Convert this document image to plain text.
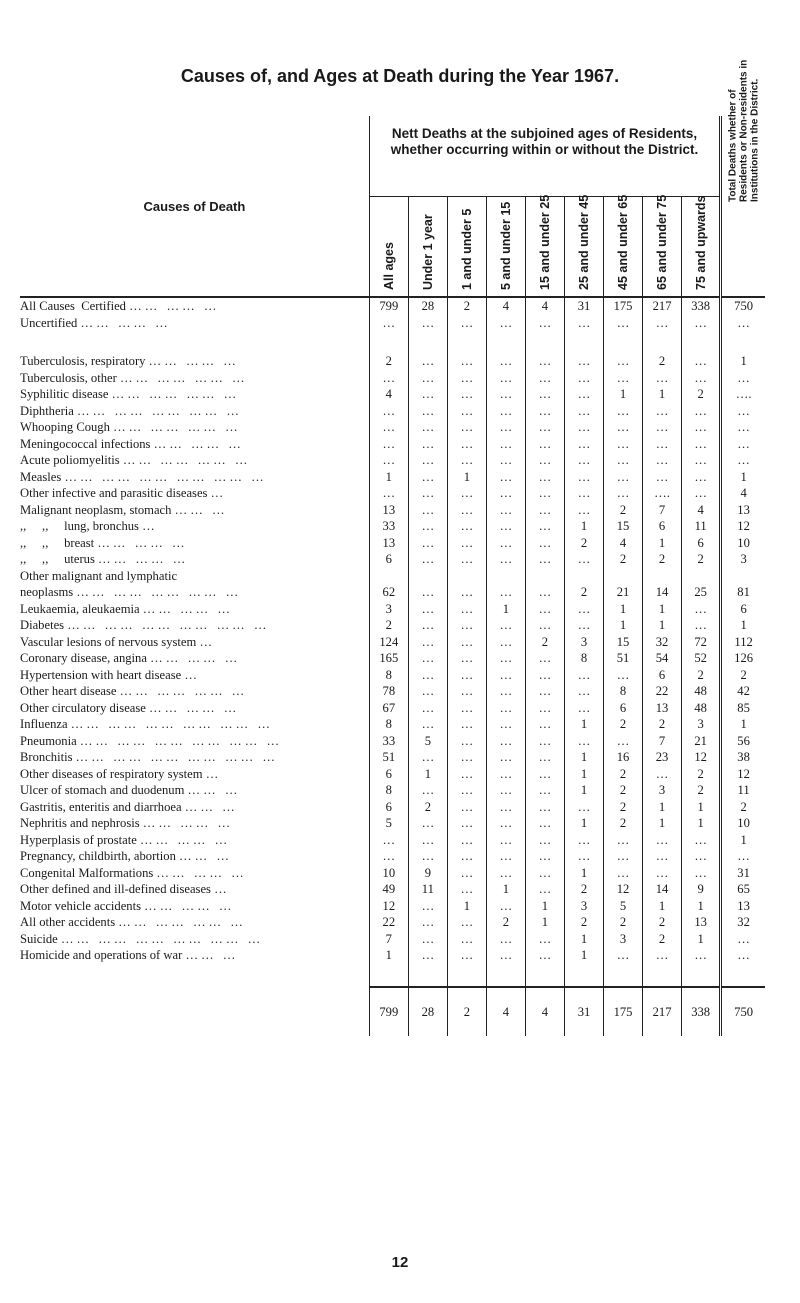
Causes of, and Ages at Death during the Year 1967.
Causes of Death	Nett Deaths at the subjoined ages of Residents, whether occurring within or without the District.									Total Deaths whether of Residents or Non-residents in Institutions in the District.

	All ages	Under 1 year	1 and under 5	5 and under 15	15 and under 25	25 and under 45	45 and under 65	65 and under 75	75 and upwards	

All Causes  Certified …… …… …	799	28	2	4	4	31	175	217	338	750
Uncertified …… …… …	…	…	…	…	…	…	…	…	…	…

Tuberculosis, respiratory …… …… …	2	…	…	…	…	…	…	2	…	1
Tuberculosis, other …… …… …… …	…	…	…	…	…	…	…	…	…	…
Syphilitic disease …… …… …… …	4	…	…	…	…	…	1	1	2	….
Diphtheria …… …… …… …… …	…	…	…	…	…	…	…	…	…	…
Whooping Cough …… …… …… …	…	…	…	…	…	…	…	…	…	…
Meningococcal infections …… …… …	…	…	…	…	…	…	…	…	…	…
Acute poliomyelitis …… …… …… …	…	…	…	…	…	…	…	…	…	…
Measles …… …… …… …… …… …	1	…	1	…	…	…	…	…	…	1
Other infective and parasitic diseases …	…	…	…	…	…	…	…	….	…	4
Malignant neoplasm, stomach …… …	13	…	…	…	…	…	2	7	4	13
,,     ,,     lung, bronchus …	33	…	…	…	…	1	15	6	11	12
,,     ,,     breast …… …… …	13	…	…	…	…	2	4	1	6	10
,,     ,,     uterus …… …… …	6	…	…	…	…	…	2	2	2	3
Other malignant and lymphatic										
neoplasms …… …… …… …… …	62	…	…	…	…	2	21	14	25	81
Leukaemia, aleukaemia …… …… …	3	…	…	1	…	…	1	1	…	6
Diabetes …… …… …… …… …… …	2	…	…	…	…	…	1	1	…	1
Vascular lesions of nervous system …	124	…	…	…	2	3	15	32	72	112
Coronary disease, angina …… …… …	165	…	…	…	…	8	51	54	52	126
Hypertension with heart disease …	8	…	…	…	…	…	…	6	2	2
Other heart disease …… …… …… …	78	…	…	…	…	…	8	22	48	42
Other circulatory disease …… …… …	67	…	…	…	…	…	6	13	48	85
Influenza …… …… …… …… …… …	8	…	…	…	…	1	2	2	3	1
Pneumonia …… …… …… …… …… …	33	5	…	…	…	…	…	7	21	56
Bronchitis …… …… …… …… …… …	51	…	…	…	…	1	16	23	12	38
Other diseases of respiratory system …	6	1	…	…	…	1	2	…	2	12
Ulcer of stomach and duodenum …… …	8	…	…	…	…	1	2	3	2	11
Gastritis, enteritis and diarrhoea …… …	6	2	…	…	…	…	2	1	1	2
Nephritis and nephrosis …… …… …	5	…	…	…	…	1	2	1	1	10
Hyperplasis of prostate …… …… …	…	…	…	…	…	…	…	…	…	1
Pregnancy, childbirth, abortion …… …	…	…	…	…	…	…	…	…	…	…
Congenital Malformations …… …… …	10	9	…	…	…	1	…	…	…	31
Other defined and ill-defined diseases …	49	11	…	1	…	2	12	14	9	65
Motor vehicle accidents …… …… …	12	…	1	…	1	3	5	1	1	13
All other accidents …… …… …… …	22	…	…	2	1	2	2	2	13	32
Suicide …… …… …… …… …… …	7	…	…	…	…	1	3	2	1	…
Homicide and operations of war …… …	1	…	…	…	…	1	…	…	…	…

	799	28	2	4	4	31	175	217	338	750
12
